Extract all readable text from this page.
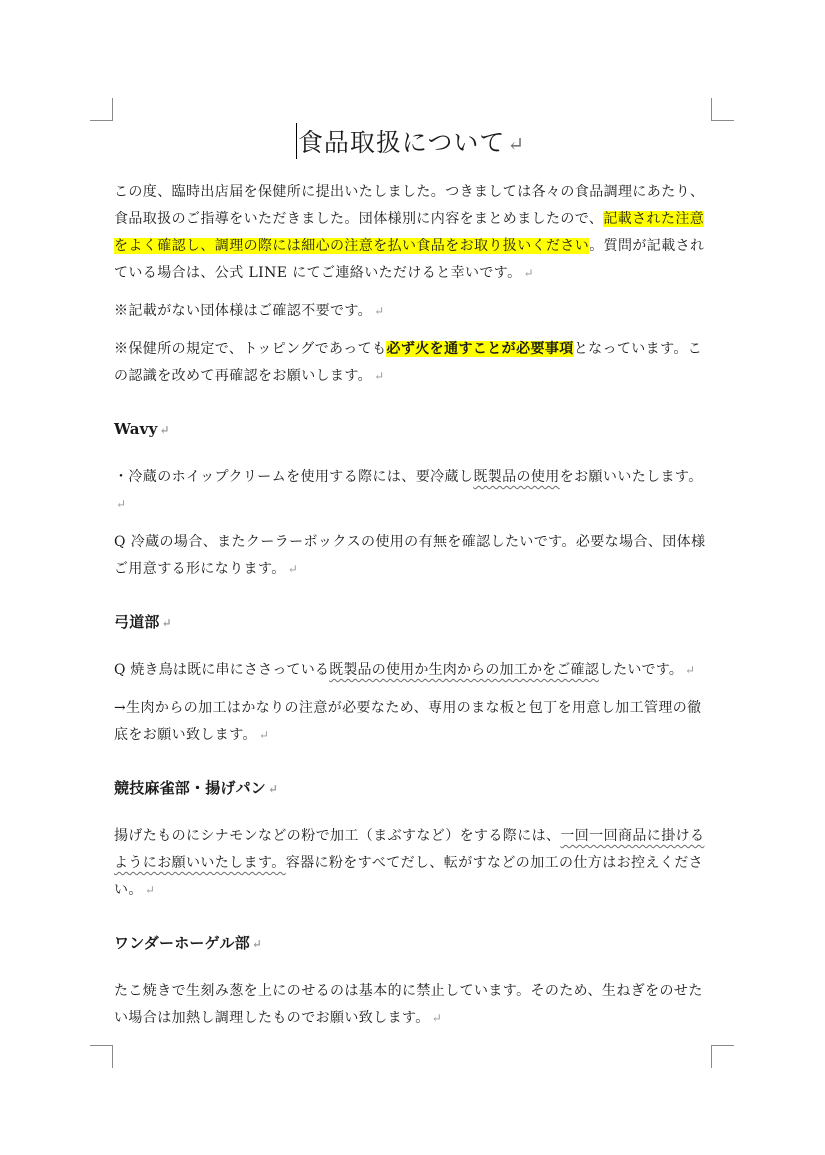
食品取扱について ↵

この度、臨時出店届を保健所に提出いたしました。つきましては各々の食品調理にあたり、食品取扱のご指導をいただきました。団体様別に内容をまとめましたので、記載された注意をよく確認し、調理の際には細心の注意を払い食品をお取り扱いください。質問が記載されている場合は、公式 LINE にてご連絡いただけると幸いです。 ↵

※記載がない団体様はご確認不要です。 ↵

※保健所の規定で、トッピングであっても必ず火を通すことが必要事項となっています。この認識を改めて再確認をお願いします。 ↵

Wavy ↵

・冷蔵のホイップクリームを使用する際には、要冷蔵し既製品の使用をお願いいたします。↵

Q 冷蔵の場合、またクーラーボックスの使用の有無を確認したいです。必要な場合、団体様ご用意する形になります。 ↵

弓道部 ↵

Q 焼き鳥は既に串にささっている既製品の使用か生肉からの加工かをご確認したいです。 ↵

→生肉からの加工はかなりの注意が必要なため、専用のまな板と包丁を用意し加工管理の徹底をお願い致します。 ↵

競技麻雀部・揚げパン ↵

揚げたものにシナモンなどの粉で加工（まぶすなど）をする際には、一回一回商品に掛けるようにお願いいたします。容器に粉をすべてだし、転がすなどの加工の仕方はお控えください。 ↵

ワンダーホーゲル部 ↵

たこ焼きで生刻み葱を上にのせるのは基本的に禁止しています。そのため、生ねぎをのせたい場合は加熱し調理したものでお願い致します。 ↵
